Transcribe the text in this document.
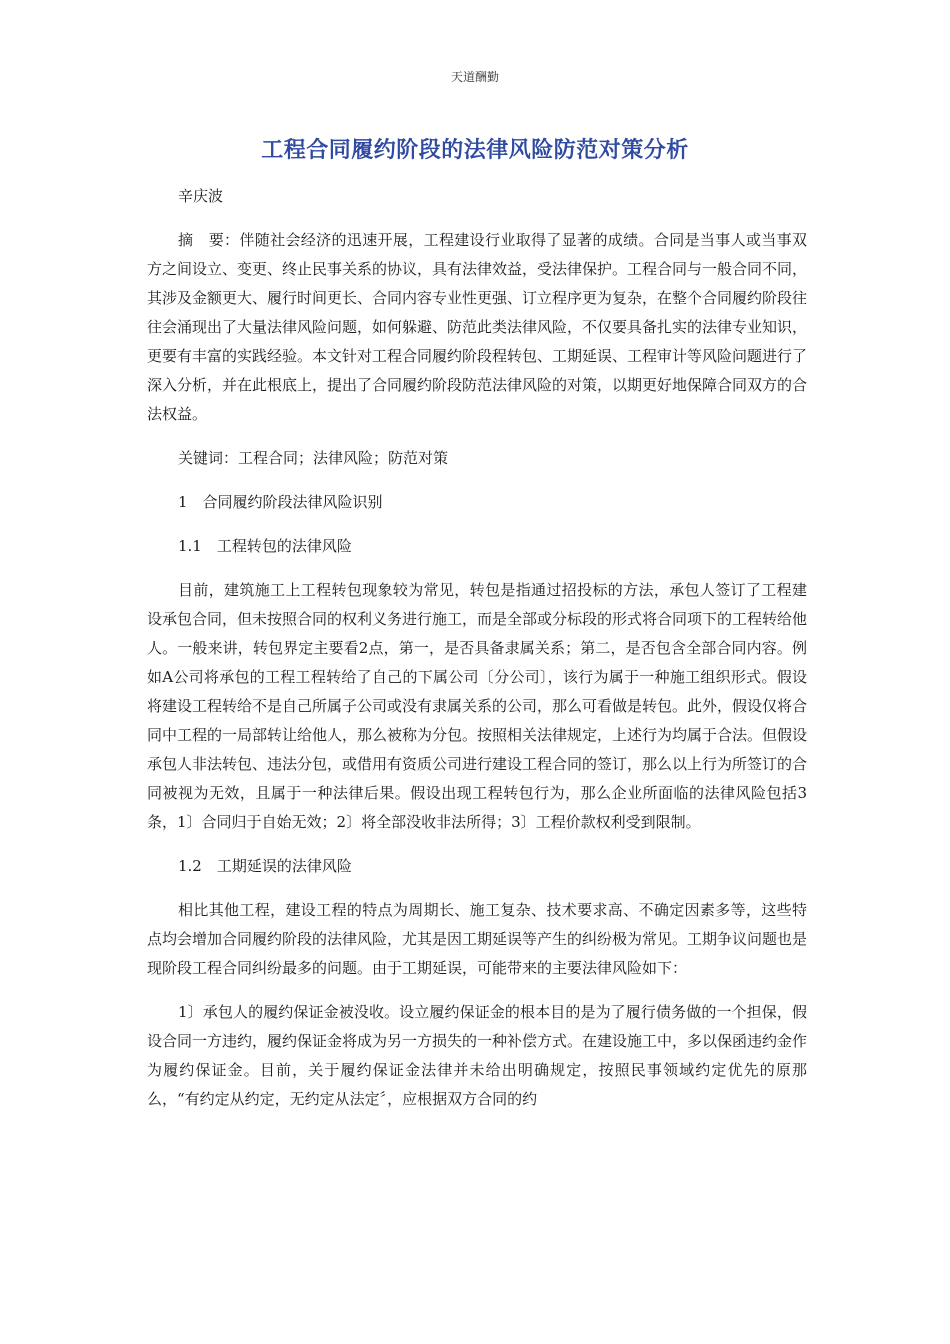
天道酬勤
工程合同履约阶段的法律风险防范对策分析

辛庆波

摘　要：伴随社会经济的迅速开展，工程建设行业取得了显著的成绩。合同是当事人或当事双方之间设立、变更、终止民事关系的协议，具有法律效益，受法律保护。工程合同与一般合同不同，其涉及金额更大、履行时间更长、合同内容专业性更强、订立程序更为复杂，在整个合同履约阶段往往会涌现出了大量法律风险问题，如何躲避、防范此类法律风险，不仅要具备扎实的法律专业知识，更要有丰富的实践经验。本文针对工程合同履约阶段程转包、工期延误、工程审计等风险问题进行了深入分析，并在此根底上，提出了合同履约阶段防范法律风险的对策，以期更好地保障合同双方的合法权益。

关键词：工程合同；法律风险；防范对策

1　合同履约阶段法律风险识别

1.1　工程转包的法律风险

目前，建筑施工上工程转包现象较为常见，转包是指通过招投标的方法，承包人签订了工程建设承包合同，但未按照合同的权利义务进行施工，而是全部或分标段的形式将合同项下的工程转给他人。一般来讲，转包界定主要看2点，第一，是否具备隶属关系；第二，是否包含全部合同内容。例如A公司将承包的工程工程转给了自己的下属公司〔分公司〕，该行为属于一种施工组织形式。假设将建设工程转给不是自己所属子公司或没有隶属关系的公司，那么可看做是转包。此外，假设仅将合同中工程的一局部转让给他人，那么被称为分包。按照相关法律规定，上述行为均属于合法。但假设承包人非法转包、违法分包，或借用有资质公司进行建设工程合同的签订，那么以上行为所签订的合同被视为无效，且属于一种法律后果。假设出现工程转包行为，那么企业所面临的法律风险包括3条，1〕合同归于自始无效；2〕将全部没收非法所得；3〕工程价款权利受到限制。

1.2　工期延误的法律风险

相比其他工程，建设工程的特点为周期长、施工复杂、技术要求高、不确定因素多等，这些特点均会增加合同履约阶段的法律风险，尤其是因工期延误等产生的纠纷极为常见。工期争议问题也是现阶段工程合同纠纷最多的问题。由于工期延误，可能带来的主要法律风险如下：

1〕承包人的履约保证金被没收。设立履约保证金的根本目的是为了履行债务做的一个担保，假设合同一方违约，履约保证金将成为另一方损失的一种补偿方式。在建设施工中，多以保函违约金作为履约保证金。目前，关于履约保证金法律并未给出明确规定，按照民事领域约定优先的原那么，“有约定从约定，无约定从法定〞，应根据双方合同的约
